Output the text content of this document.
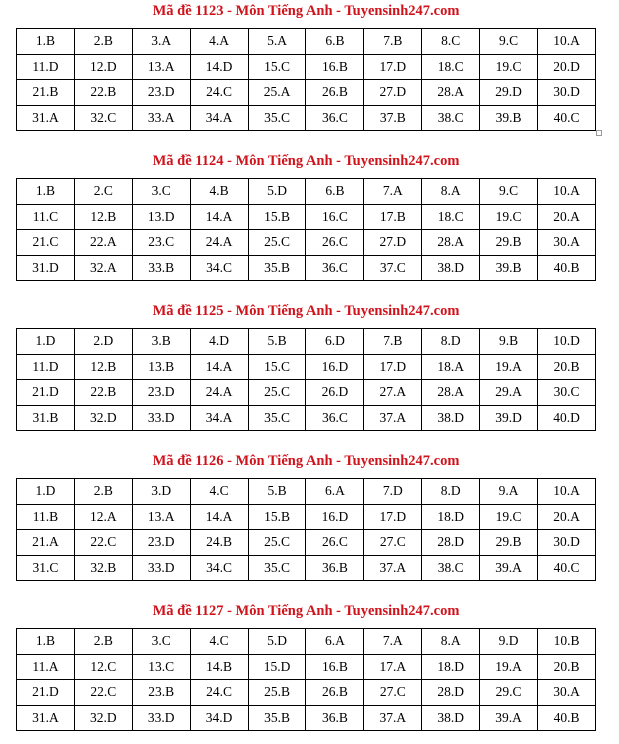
Mã đề 1123 - Môn Tiếng Anh - Tuyensinh247.com
1.B	2.B	3.A	4.A	5.A	6.B	7.B	8.C	9.C	10.A
11.D	12.D	13.A	14.D	15.C	16.B	17.D	18.C	19.C	20.D
21.B	22.B	23.D	24.C	25.A	26.B	27.D	28.A	29.D	30.D
31.A	32.C	33.A	34.A	35.C	36.C	37.B	38.C	39.B	40.C
Mã đề 1124 - Môn Tiếng Anh - Tuyensinh247.com
1.B	2.C	3.C	4.B	5.D	6.B	7.A	8.A	9.C	10.A
11.C	12.B	13.D	14.A	15.B	16.C	17.B	18.C	19.C	20.A
21.C	22.A	23.C	24.A	25.C	26.C	27.D	28.A	29.B	30.A
31.D	32.A	33.B	34.C	35.B	36.C	37.C	38.D	39.B	40.B
Mã đề 1125 - Môn Tiếng Anh - Tuyensinh247.com
1.D	2.D	3.B	4.D	5.B	6.D	7.B	8.D	9.B	10.D
11.D	12.B	13.B	14.A	15.C	16.D	17.D	18.A	19.A	20.B
21.D	22.B	23.D	24.A	25.C	26.D	27.A	28.A	29.A	30.C
31.B	32.D	33.D	34.A	35.C	36.C	37.A	38.D	39.D	40.D
Mã đề 1126 - Môn Tiếng Anh - Tuyensinh247.com
1.D	2.B	3.D	4.C	5.B	6.A	7.D	8.D	9.A	10.A
11.B	12.A	13.A	14.A	15.B	16.D	17.D	18.D	19.C	20.A
21.A	22.C	23.D	24.B	25.C	26.C	27.C	28.D	29.B	30.D
31.C	32.B	33.D	34.C	35.C	36.B	37.A	38.C	39.A	40.C
Mã đề 1127 - Môn Tiếng Anh - Tuyensinh247.com
1.B	2.B	3.C	4.C	5.D	6.A	7.A	8.A	9.D	10.B
11.A	12.C	13.C	14.B	15.D	16.B	17.A	18.D	19.A	20.B
21.D	22.C	23.B	24.C	25.B	26.B	27.C	28.D	29.C	30.A
31.A	32.D	33.D	34.D	35.B	36.B	37.A	38.D	39.A	40.B
